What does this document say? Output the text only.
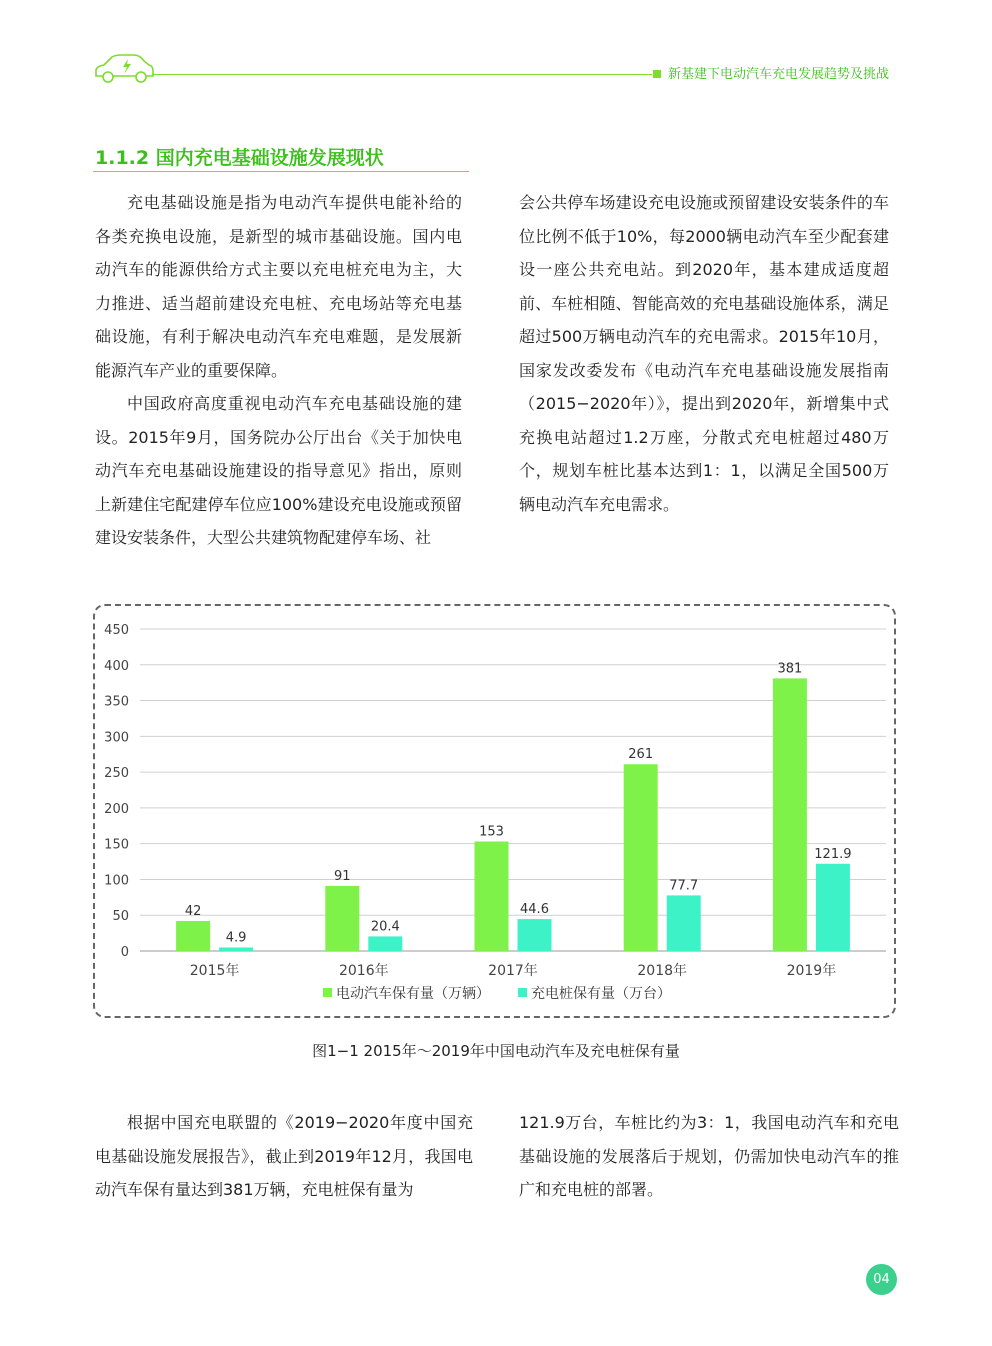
新基建下电动汽车充电发展趋势及挑战
1.1.2 国内充电基础设施发展现状

充电基础设施是指为电动汽车提供电能补给的各类充换电设施，是新型的城市基础设施。国内电动汽车的能源供给方式主要以充电桩充电为主，大力推进、适当超前建设充电桩、充电场站等充电基础设施，有利于解决电动汽车充电难题，是发展新能源汽车产业的重要保障。

中国政府高度重视电动汽车充电基础设施的建设。2015年9月，国务院办公厅出台《关于加快电动汽车充电基础设施建设的指导意见》指出，原则上新建住宅配建停车位应100%建设充电设施或预留建设安装条件，大型公共建筑物配建停车场、社

会公共停车场建设充电设施或预留建设安装条件的车位比例不低于10%，每2000辆电动汽车至少配套建设一座公共充电站。到2020年，基本建成适度超前、车桩相随、智能高效的充电基础设施体系，满足超过500万辆电动汽车的充电需求。2015年10月，国家发改委发布《电动汽车充电基础设施发展指南（2015−2020年）》，提出到2020年，新增集中式充换电站超过1.2万座，分散式充电桩超过480万个，规划车桩比基本达到1：1，以满足全国500万辆电动汽车充电需求。

0
50
100
150
200
250
300
350
400
450
42
4.9
2015年
91
20.4
2016年
153
44.6
2017年
261
77.7
2018年
381
121.9
2019年
电动汽车保有量（万辆）	充电桩保有量（万台）
图1−1 2015年～2019年中国电动汽车及充电桩保有量

根据中国充电联盟的《2019−2020年度中国充电基础设施发展报告》，截止到2019年12月，我国电动汽车保有量达到381万辆，充电桩保有量为

121.9万台，车桩比约为3：1，我国电动汽车和充电基础设施的发展落后于规划，仍需加快电动汽车的推广和充电桩的部署。

04
